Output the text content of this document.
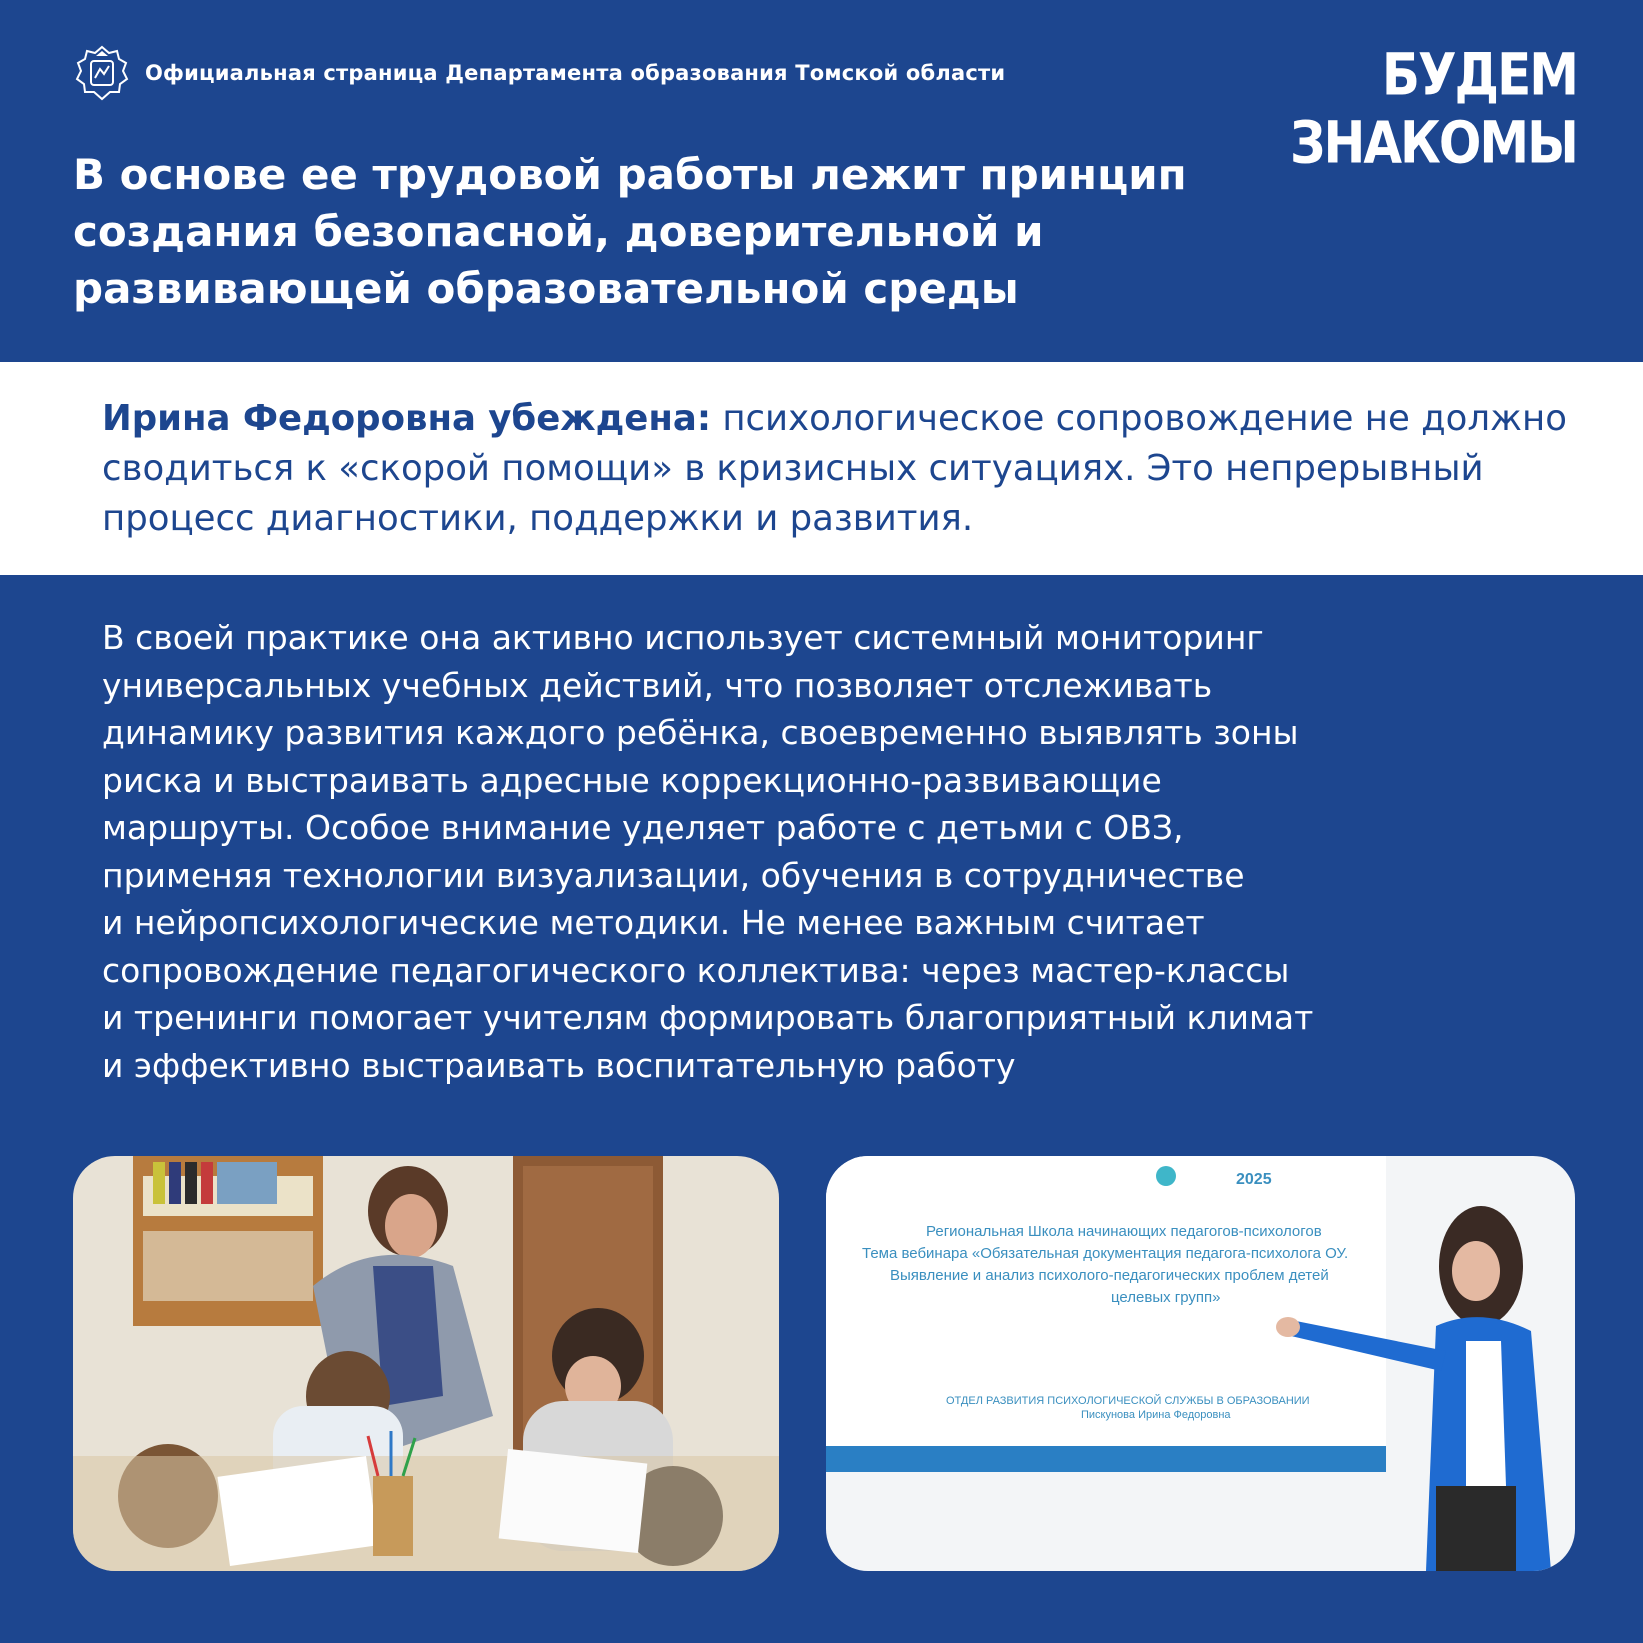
Официальная страница Департамента образования Томской области	БУДЕМ
ЗНАКОМЫ
В основе ее трудовой работы лежит принцип создания безопасной, доверительной и развивающей образовательной среды

Ирина Федоровна убеждена: психологическое сопровождение не должно сводиться к «скорой помощи» в кризисных ситуациях. Это непрерывный процесс диагностики, поддержки и развития.

В своей практике она активно использует системный мониторинг
универсальных учебных действий, что позволяет отслеживать
динамику развития каждого ребёнка, своевременно выявлять зоны
риска и выстраивать адресные коррекционно-развивающие
маршруты. Особое внимание уделяет работе с детьми с ОВЗ,
применяя технологии визуализации, обучения в сотрудничестве
и нейропсихологические методики. Не менее важным считает
сопровождение педагогического коллектива: через мастер-классы
и тренинги помогает учителям формировать благоприятный климат
и эффективно выстраивать воспитательную работу

2025
Региональная Школа начинающих педагогов-психологов
Тема вебинара «Обязательная документация педагога-психолога ОУ.
Выявление и анализ психолого-педагогических проблем детей
целевых групп»
ОТДЕЛ РАЗВИТИЯ ПСИХОЛОГИЧЕСКОЙ СЛУЖБЫ В ОБРАЗОВАНИИ
Пискунова Ирина Федоровна
